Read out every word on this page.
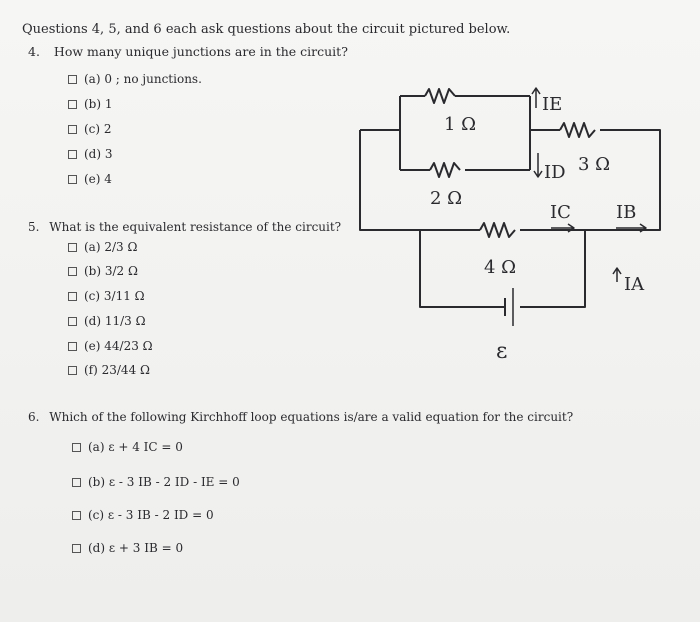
Questions 4, 5, and 6 each ask questions about the circuit pictured below.
4. How many unique junctions are in the circuit?
(a) 0 ; no junctions.
(b) 1
(c) 2
(d) 3
(e) 4
5. What is the equivalent resistance of the circuit?
(a) 2/3 Ω
(b) 3/2 Ω
(c) 3/11 Ω
(d) 11/3 Ω
(e) 44/23 Ω
(f) 23/44 Ω
6. Which of the following Kirchhoff loop equations is/are a valid equation for the circuit?
(a) ε + 4 IC = 0
(b) ε - 3 IB - 2 ID - IE = 0
(c) ε - 3 IB - 2 ID = 0
(d) ε + 3 IB = 0
1 Ω
2 Ω
3 Ω
4 Ω
ε
IE
ID
IC	IB
IA
